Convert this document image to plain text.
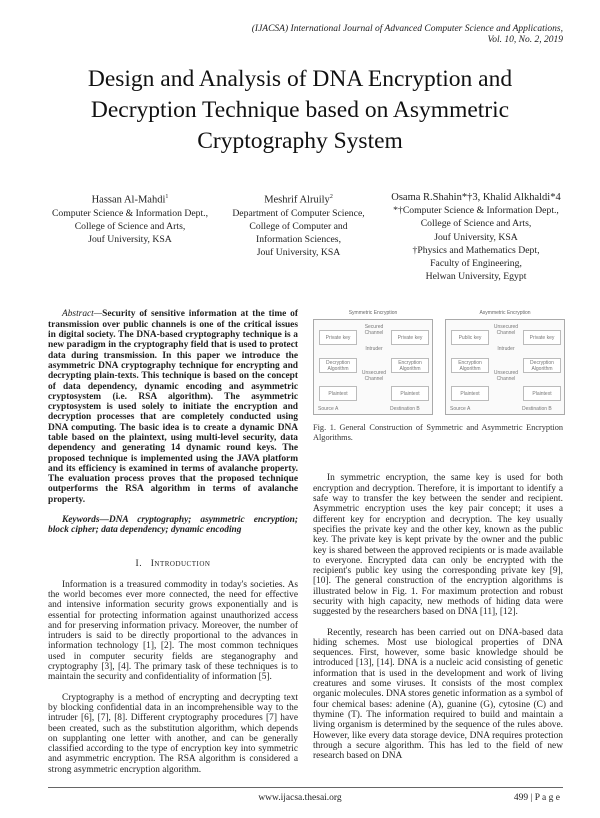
(IJACSA) International Journal of Advanced Computer Science and Applications,
Vol. 10, No. 2, 2019
Design and Analysis of DNA Encryption and
Decryption Technique based on Asymmetric
Cryptography System
Hassan Al-Mahdi$^1$
Computer Science & Information Dept.,
College of Science and Arts,
Jouf University, KSA
Meshrif Alruily$^2$
Department of Computer Science,
College of Computer and
Information Sciences,
Jouf University, KSA
Osama R.Shahin*†3, Khalid Alkhaldi*4
*†Computer Science & Information Dept.,
College of Science and Arts,
Jouf University, KSA
†Physics and Mathematics Dept,
Faculty of Engineering,
Helwan University, Egypt

Abstract—Security of sensitive information at the time of transmission over public channels is one of the critical issues in digital society. The DNA-based cryptography technique is a new paradigm in the cryptography field that is used to protect data during transmission. In this paper we introduce the asymmetric DNA cryptography technique for encrypting and decrypting plain-texts. This technique is based on the concept of data dependency, dynamic encoding and asymmetric cryptosystem (i.e. RSA algorithm). The asymmetric cryptosystem is used solely to initiate the encryption and decryption processes that are completely conducted using DNA computing. The basic idea is to create a dynamic DNA table based on the plaintext, using multi-level security, data dependency and generating 14 dynamic round keys. The proposed technique is implemented using the JAVA platform and its efficiency is examined in terms of avalanche property. The evaluation process proves that the proposed technique outperforms the RSA algorithm in terms of avalanche property.

Keywords—DNA cryptography; asymmetric encryption; block cipher; data dependency; dynamic encoding

I. Introduction

Information is a treasured commodity in today's societies. As the world becomes ever more connected, the need for effective and intensive information security grows exponentially and is essential for protecting information against unauthorized access and for preserving information privacy. Moreover, the number of intruders is said to be directly proportional to the advances in information technology [1], [2]. The most common techniques used in computer security fields are steganography and cryptography [3], [4]. The primary task of these techniques is to maintain the security and confidentiality of information [5].

Cryptography is a method of encrypting and decrypting text by blocking confidential data in an incomprehensible way to the intruder [6], [7], [8]. Different cryptography procedures [7] have been created, such as the substitution algorithm, which depends on supplanting one letter with another, and can be generally classified according to the type of encryption key into symmetric and asymmetric encryption. The RSA algorithm is considered a strong asymmetric encryption algorithm.

Symmetric Encryption
Private key
Decryption Algorithm
Plaintext
Source A
Secured Channel
Intruder
Unsecured Channel
Private key
Encryption Algorithm
Plaintext
Destination B
Asymmetric Encryption
Public key
Encryption Algorithm
Plaintext
Source A
Unsecured Channel
Intruder
Unsecured Channel
Private key
Decryption Algorithm
Plaintext
Destination B
Fig. 1. General Construction of Symmetric and Asymmetric Encryption Algorithms.

In symmetric encryption, the same key is used for both encryption and decryption. Therefore, it is important to identify a safe way to transfer the key between the sender and recipient. Asymmetric encryption uses the key pair concept; it uses a different key for encryption and decryption. The key usually specifies the private key and the other key, known as the public key. The private key is kept private by the owner and the public key is shared between the approved recipients or is made available to everyone. Encrypted data can only be encrypted with the recipient's public key using the corresponding private key [9], [10]. The general construction of the encryption algorithms is illustrated below in Fig. 1. For maximum protection and robust security with high capacity, new methods of hiding data were suggested by the researchers based on DNA [11], [12].

Recently, research has been carried out on DNA-based data hiding schemes. Most use biological properties of DNA sequences. First, however, some basic knowledge should be introduced [13], [14]. DNA is a nucleic acid consisting of genetic information that is used in the development and work of living creatures and some viruses. It consists of the most complex organic molecules. DNA stores genetic information as a symbol of four chemical bases: adenine (A), guanine (G), cytosine (C) and thymine (T). The information required to build and maintain a living organism is determined by the sequence of the rules above. However, like every data storage device, DNA requires protection through a secure algorithm. This has led to the field of new research based on DNA

www.ijacsa.thesai.org	499 | P a g e
